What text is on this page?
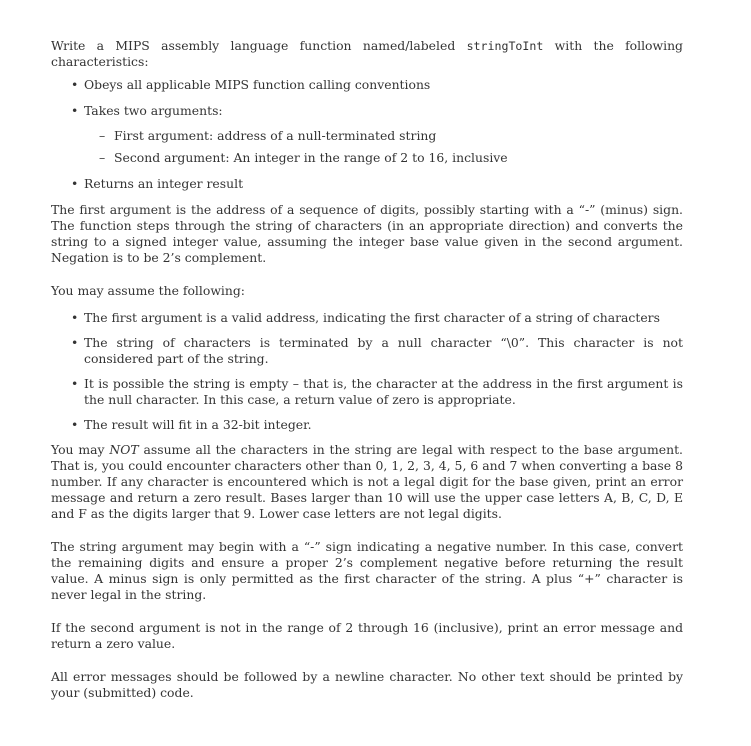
Write a MIPS assembly language function named/labeled stringToInt with the following characteristics:

• Obeys all applicable MIPS function calling conventions
• Takes two arguments:
– First argument: address of a null-terminated string
– Second argument: An integer in the range of 2 to 16, inclusive
• Returns an integer result

The first argument is the address of a sequence of digits, possibly starting with a “-” (minus) sign. The function steps through the string of characters (in an appropriate direction) and converts the string to a signed integer value, assuming the integer base value given in the second argument. Negation is to be 2’s complement.

You may assume the following:

• The first argument is a valid address, indicating the first character of a string of characters

• The string of characters is terminated by a null character “\0”. This character is not considered part of the string.

• It is possible the string is empty – that is, the character at the address in the first argument is the null character. In this case, a return value of zero is appropriate.

• The result will fit in a 32-bit integer.

You may NOT assume all the characters in the string are legal with respect to the base argument. That is, you could encounter characters other than 0, 1, 2, 3, 4, 5, 6 and 7 when converting a base 8 number. If any character is encountered which is not a legal digit for the base given, print an error message and return a zero result. Bases larger than 10 will use the upper case letters A, B, C, D, E and F as the digits larger that 9. Lower case letters are not legal digits.

The string argument may begin with a “-” sign indicating a negative number. In this case, convert the remaining digits and ensure a proper 2’s complement negative before returning the result value. A minus sign is only permitted as the first character of the string. A plus “+” character is never legal in the string.

If the second argument is not in the range of 2 through 16 (inclusive), print an error message and return a zero value.

All error messages should be followed by a newline character. No other text should be printed by your (submitted) code.
